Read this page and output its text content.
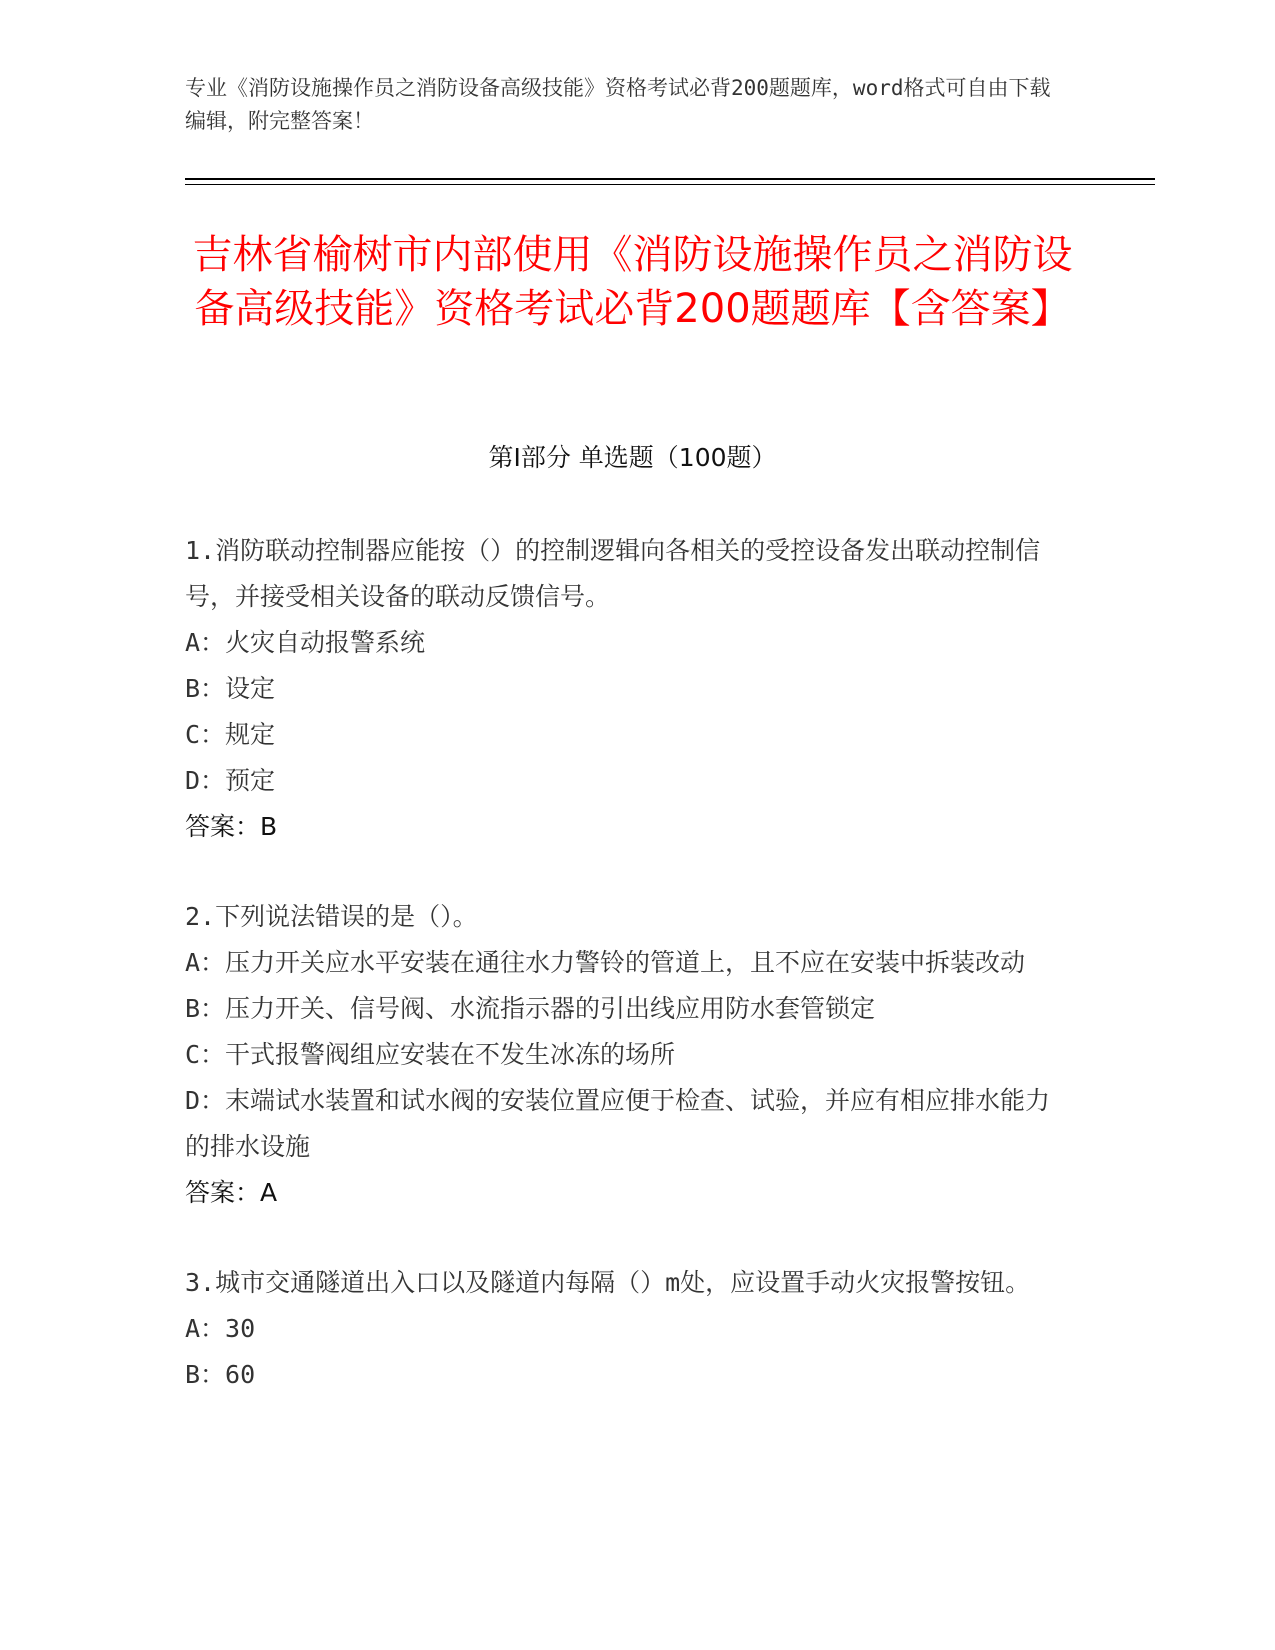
专业《消防设施操作员之消防设备高级技能》资格考试必背200题题库，word格式可自由下载编辑，附完整答案！
吉林省榆树市内部使用《消防设施操作员之消防设备高级技能》资格考试必背200题题库【含答案】
第Ⅰ部分 单选题（100题）

1.消防联动控制器应能按（）的控制逻辑向各相关的受控设备发出联动控制信号，并接受相关设备的联动反馈信号。

A：火灾自动报警系统

B：设定

C：规定

D：预定

答案：B

2.下列说法错误的是（）。

A：压力开关应水平安装在通往水力警铃的管道上，且不应在安装中拆装改动

B：压力开关、信号阀、水流指示器的引出线应用防水套管锁定

C：干式报警阀组应安装在不发生冰冻的场所

D：末端试水装置和试水阀的安装位置应便于检查、试验，并应有相应排水能力的排水设施

答案：A

3.城市交通隧道出入口以及隧道内每隔（）m处，应设置手动火灾报警按钮。

A：30

B：60
